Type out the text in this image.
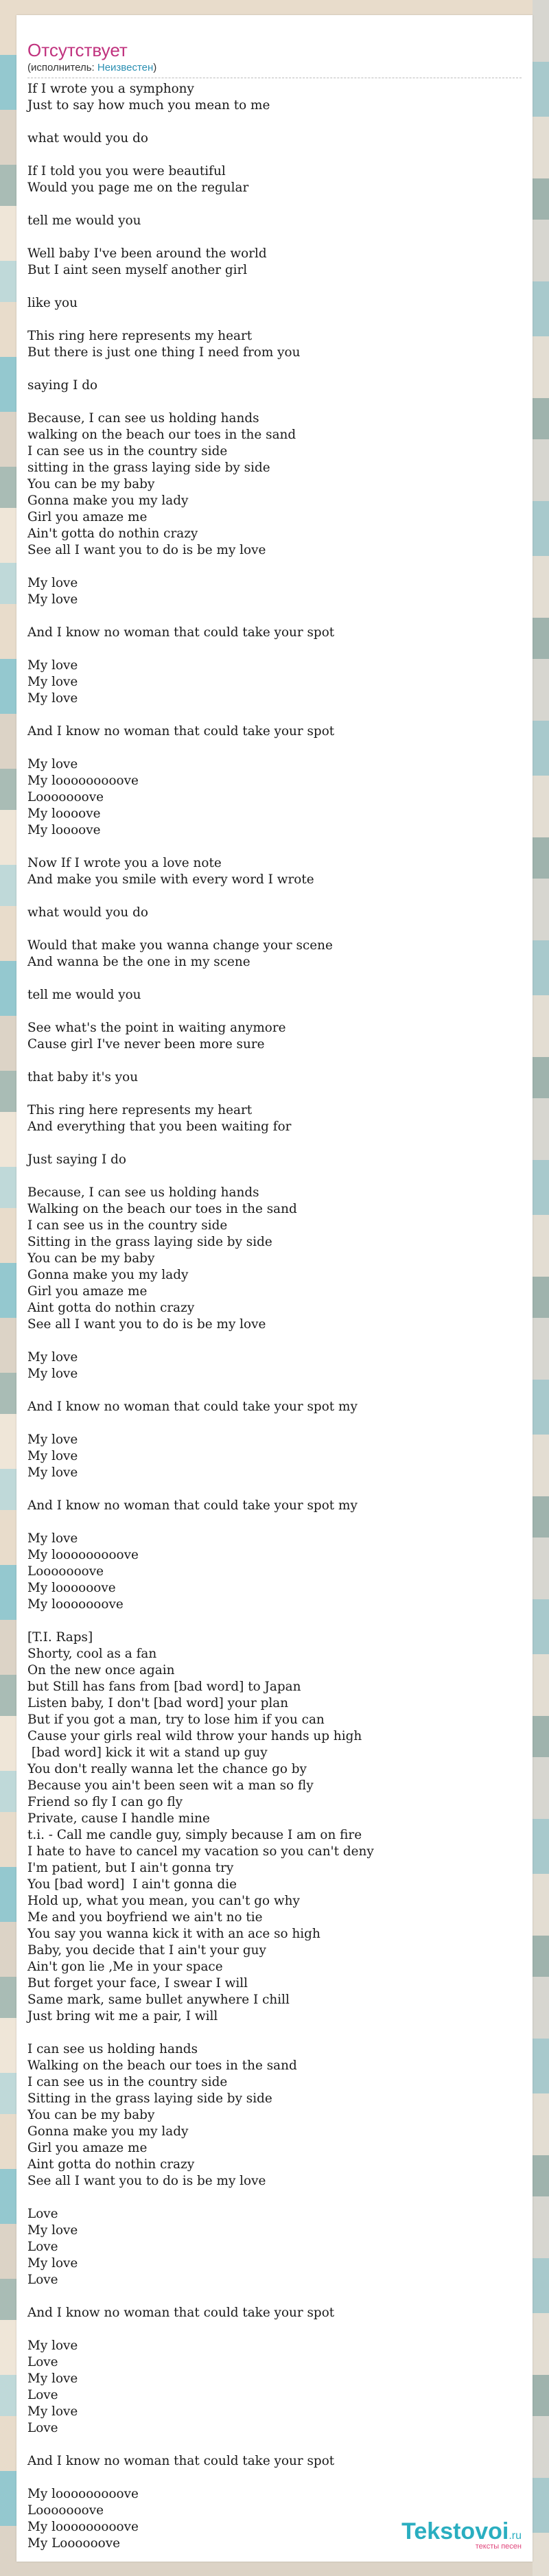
Отсутствует
(исполнитель: Неизвестен)
If I wrote you a symphony
Just to say how much you mean to me

what would you do

If I told you you were beautiful
Would you page me on the regular

tell me would you

Well baby I've been around the world
But I aint seen myself another girl

like you

This ring here represents my heart
But there is just one thing I need from you

saying I do

Because, I can see us holding hands
walking on the beach our toes in the sand
I can see us in the country side
sitting in the grass laying side by side
You can be my baby
Gonna make you my lady
Girl you amaze me
Ain't gotta do nothin crazy
See all I want you to do is be my love

My love
My love

And I know no woman that could take your spot

My love
My love
My love

And I know no woman that could take your spot

My love
My looooooooove
Looooooove
My loooove
My loooove

Now If I wrote you a love note
And make you smile with every word I wrote

what would you do

Would that make you wanna change your scene
And wanna be the one in my scene

tell me would you

See what's the point in waiting anymore
Cause girl I've never been more sure

that baby it's you

This ring here represents my heart
And everything that you been waiting for

Just saying I do

Because, I can see us holding hands
Walking on the beach our toes in the sand
I can see us in the country side
Sitting in the grass laying side by side
You can be my baby
Gonna make you my lady
Girl you amaze me
Aint gotta do nothin crazy
See all I want you to do is be my love

My love
My love

And I know no woman that could take your spot my

My love
My love
My love

And I know no woman that could take your spot my

My love
My looooooooove
Looooooove
My loooooove
My looooooove

[T.I. Raps]
Shorty, cool as a fan
On the new once again
but Still has fans from [bad word] to Japan
Listen baby, I don't [bad word] your plan
But if you got a man, try to lose him if you can
Cause your girls real wild throw your hands up high
[bad word] kick it wit a stand up guy
You don't really wanna let the chance go by
Because you ain't been seen wit a man so fly
Friend so fly I can go fly
Private, cause I handle mine
t.i. - Call me candle guy, simply because I am on fire
I hate to have to cancel my vacation so you can't deny
I'm patient, but I ain't gonna try
You [bad word]  I ain't gonna die
Hold up, what you mean, you can't go why
Me and you boyfriend we ain't no tie
You say you wanna kick it with an ace so high
Baby, you decide that I ain't your guy
Ain't gon lie ,Me in your space
But forget your face, I swear I will
Same mark, same bullet anywhere I chill
Just bring wit me a pair, I will

I can see us holding hands
Walking on the beach our toes in the sand
I can see us in the country side
Sitting in the grass laying side by side
You can be my baby
Gonna make you my lady
Girl you amaze me
Aint gotta do nothin crazy
See all I want you to do is be my love

Love
My love
Love
My love
Love

And I know no woman that could take your spot

My love
Love
My love
Love
My love
Love

And I know no woman that could take your spot

My looooooooove
Looooooove
My looooooooove
My Loooooove	Tekstovoi.ru
тексты песен
